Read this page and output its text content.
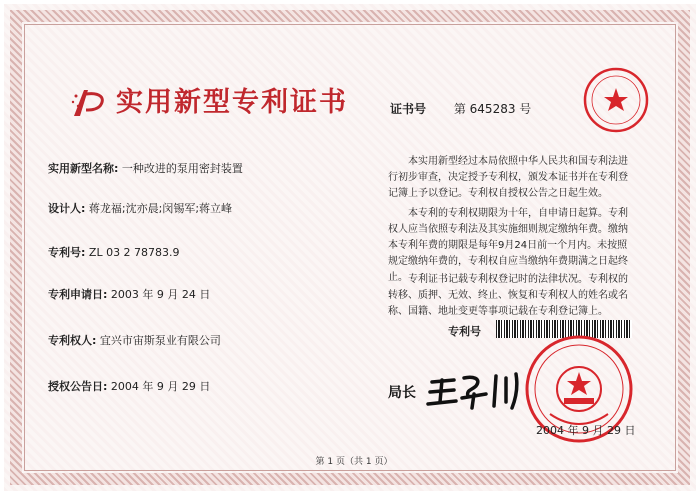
实用新型专利证书	证书号 第 645283 号
实用新型名称: 一种改进的泵用密封装置
设计人: 蒋龙福;沈亦晨;闵锡军;蒋立峰
专利号: ZL 03 2 78783.9
专利申请日: 2003 年 9 月 24 日
专利权人: 宜兴市宙斯泵业有限公司
授权公告日: 2004 年 9 月 29 日
本实用新型经过本局依照中华人民共和国专利法进行初步审查，决定授予专利权，颁发本证书并在专利登记簿上予以登记。专利权自授权公告之日起生效。
本专利的专利权期限为十年，自申请日起算。专利权人应当依照专利法及其实施细则规定缴纳年费。缴纳本专利年费的期限是每年9月24日前一个月内。未按照规定缴纳年费的，专利权自应当缴纳年费期满之日起终止。 专利证书记载专利权登记时的法律状况。专利权的转移、质押、无效、终止、恢复和专利权人的姓名或名称、国籍、地址变更等事项记载在专利登记簿上。
专利号
局长
2004 年 9 月 29 日
第 1 页（共 1 页）
